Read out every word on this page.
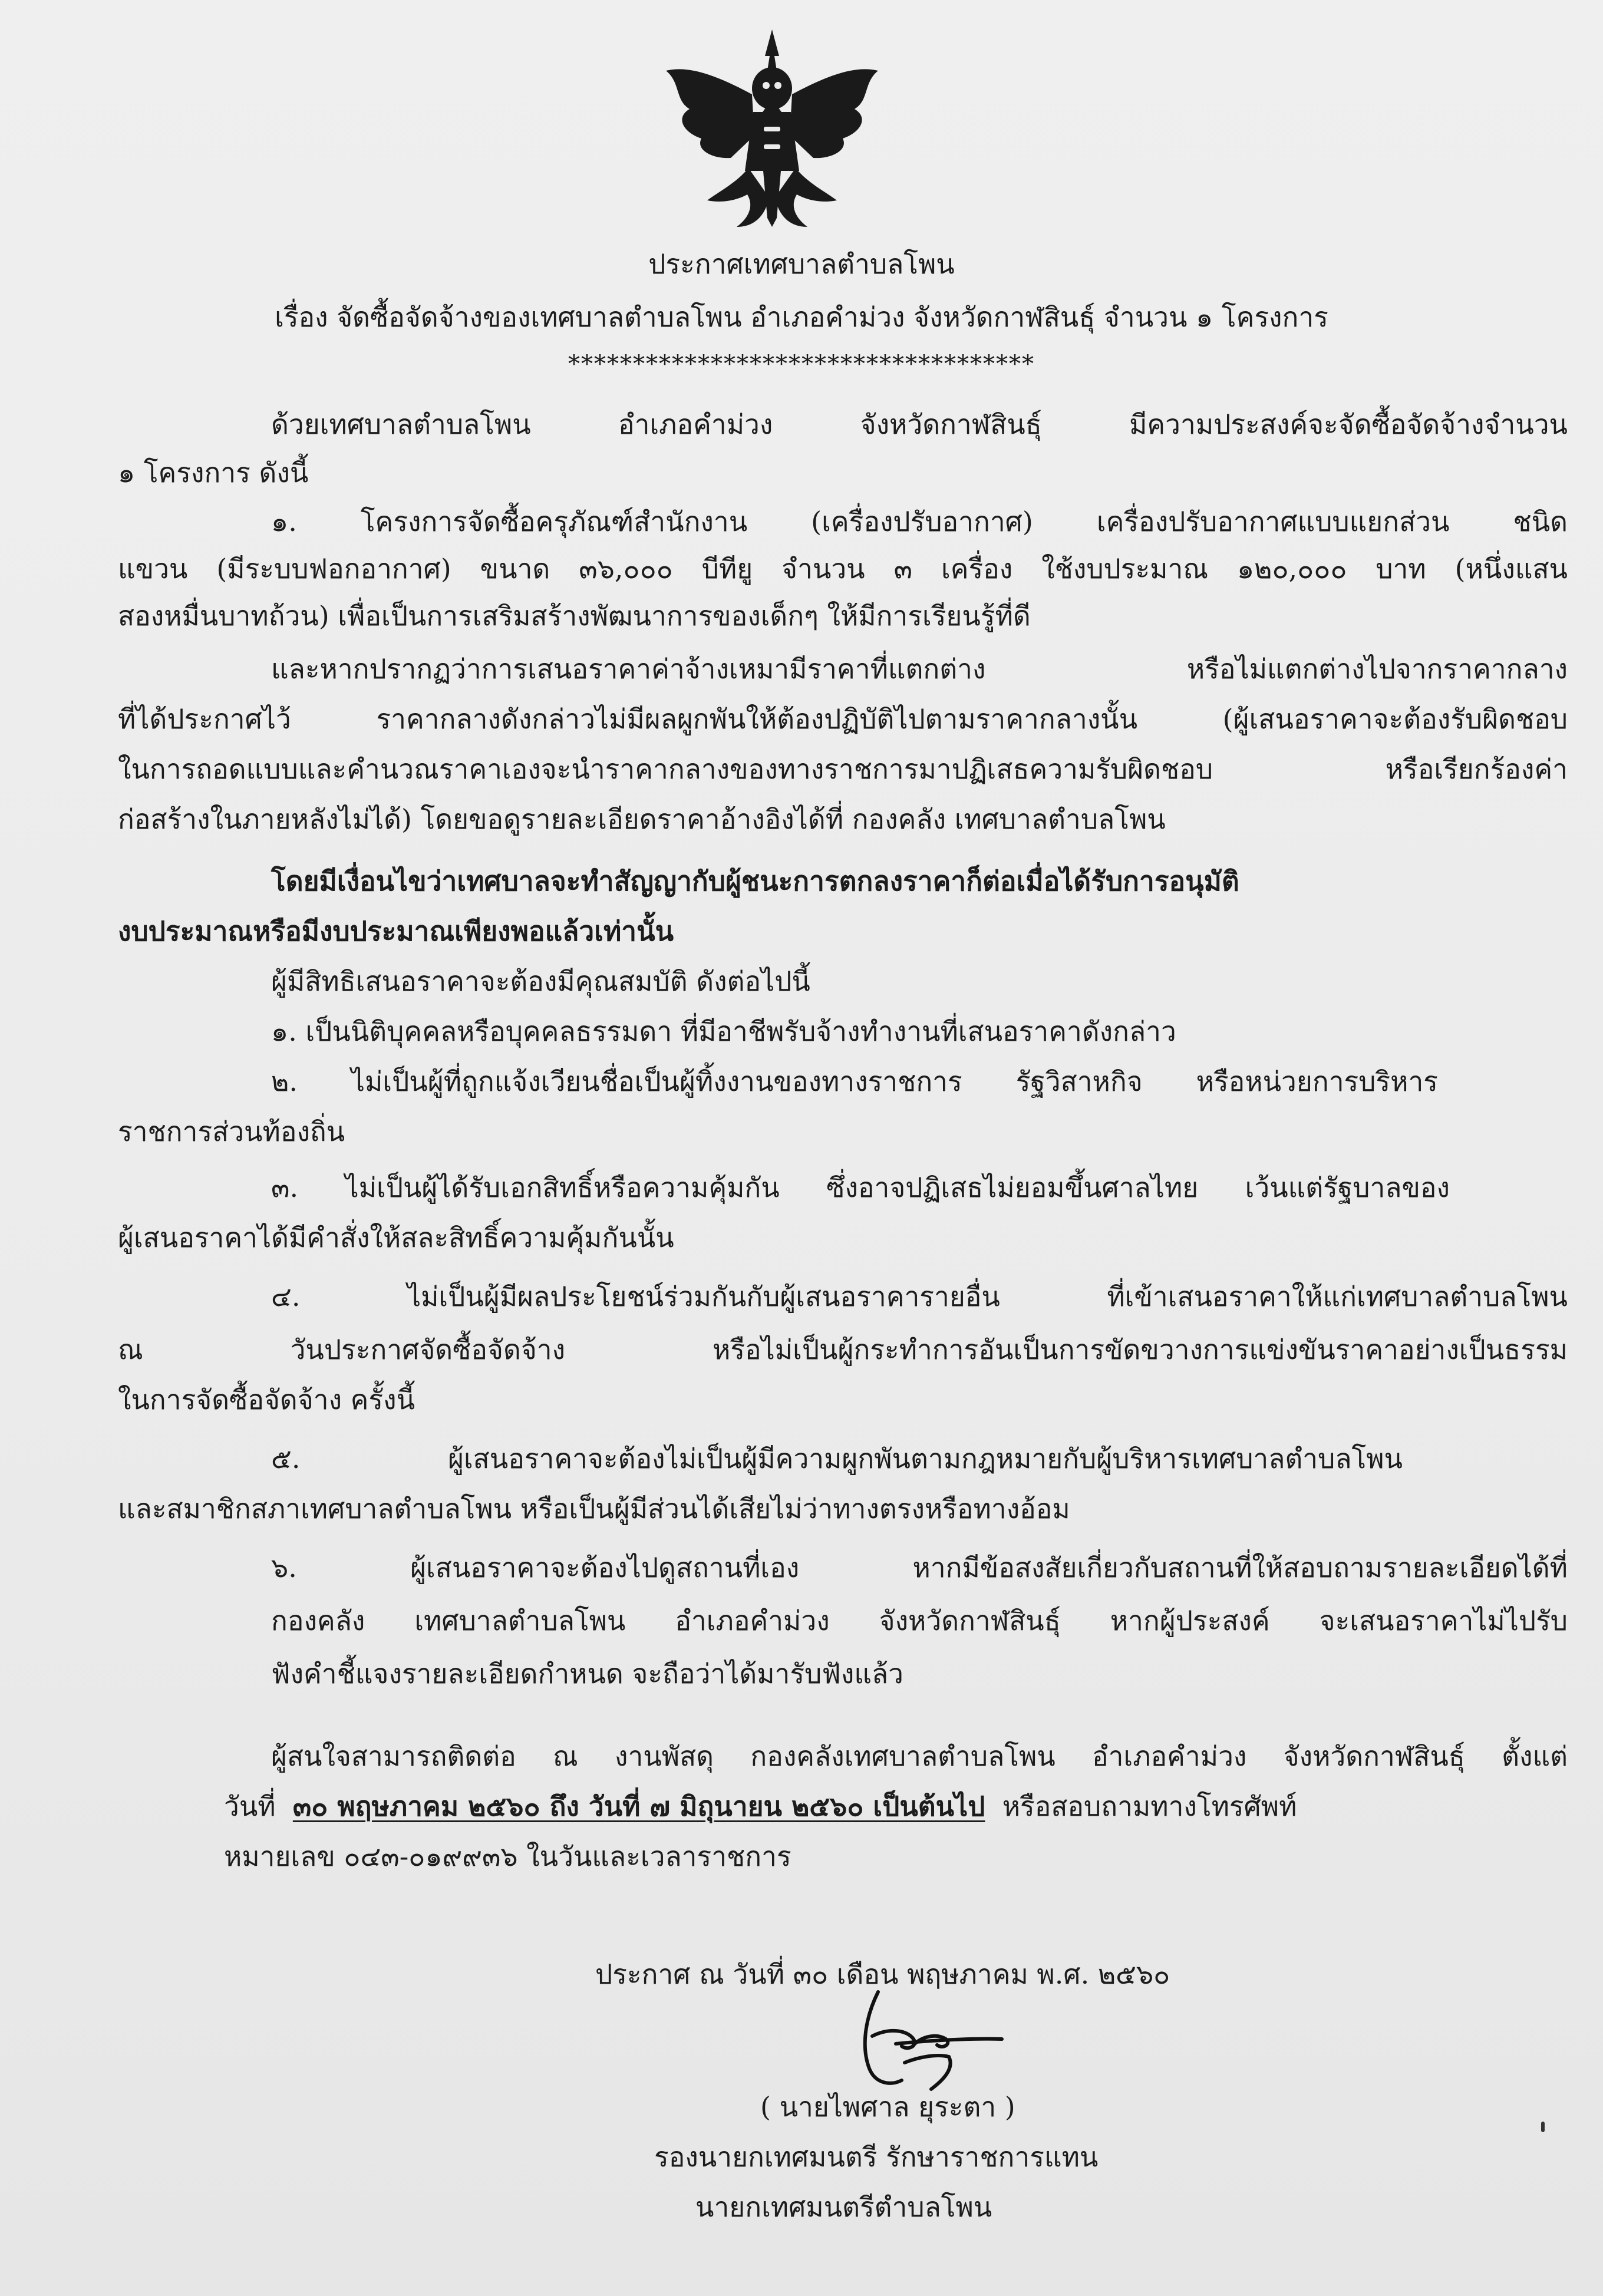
ประกาศเทศบาลตำบลโพน
เรื่อง จัดซื้อจัดจ้างของเทศบาลตำบลโพน อำเภอคำม่วง จังหวัดกาฬสินธุ์ จำนวน ๑ โครงการ
************************************
ด้วยเทศบาลตำบลโพน อำเภอคำม่วง จังหวัดกาฬสินธุ์ มีความประสงค์จะจัดซื้อจัดจ้างจำนวน
๑ โครงการ ดังนี้
๑. โครงการจัดซื้อครุภัณฑ์สำนักงาน (เครื่องปรับอากาศ) เครื่องปรับอากาศแบบแยกส่วน ชนิด
แขวน (มีระบบฟอกอากาศ) ขนาด ๓๖,๐๐๐ บีทียู จำนวน ๓ เครื่อง ใช้งบประมาณ ๑๒๐,๐๐๐ บาท (หนึ่งแสน
สองหมื่นบาทถ้วน) เพื่อเป็นการเสริมสร้างพัฒนาการของเด็กๆ ให้มีการเรียนรู้ที่ดี
และหากปรากฏว่าการเสนอราคาค่าจ้างเหมามีราคาที่แตกต่าง หรือไม่แตกต่างไปจากราคากลาง
ที่ได้ประกาศไว้ ราคากลางดังกล่าวไม่มีผลผูกพันให้ต้องปฏิบัติไปตามราคากลางนั้น (ผู้เสนอราคาจะต้องรับผิดชอบ
ในการถอดแบบและคำนวณราคาเองจะนำราคากลางของทางราชการมาปฏิเสธความรับผิดชอบ หรือเรียกร้องค่า
ก่อสร้างในภายหลังไม่ได้) โดยขอดูรายละเอียดราคาอ้างอิงได้ที่ กองคลัง เทศบาลตำบลโพน
โดยมีเงื่อนไขว่าเทศบาลจะทำสัญญากับผู้ชนะการตกลงราคาก็ต่อเมื่อได้รับการอนุมัติ
งบประมาณหรือมีงบประมาณเพียงพอแล้วเท่านั้น
ผู้มีสิทธิเสนอราคาจะต้องมีคุณสมบัติ ดังต่อไปนี้
๑. เป็นนิติบุคคลหรือบุคคลธรรมดา ที่มีอาชีพรับจ้างทำงานที่เสนอราคาดังกล่าว
๒. ไม่เป็นผู้ที่ถูกแจ้งเวียนชื่อเป็นผู้ทิ้งงานของทางราชการ รัฐวิสาหกิจ หรือหน่วยการบริหาร
ราชการส่วนท้องถิ่น
๓. ไม่เป็นผู้ได้รับเอกสิทธิ์หรือความคุ้มกัน ซึ่งอาจปฏิเสธไม่ยอมขึ้นศาลไทย เว้นแต่รัฐบาลของ
ผู้เสนอราคาได้มีคำสั่งให้สละสิทธิ์ความคุ้มกันนั้น
๔. ไม่เป็นผู้มีผลประโยชน์ร่วมกันกับผู้เสนอราคารายอื่น ที่เข้าเสนอราคาให้แก่เทศบาลตำบลโพน
ณ วันประกาศจัดซื้อจัดจ้าง หรือไม่เป็นผู้กระทำการอันเป็นการขัดขวางการแข่งขันราคาอย่างเป็นธรรม
ในการจัดซื้อจัดจ้าง ครั้งนี้
๕. ผู้เสนอราคาจะต้องไม่เป็นผู้มีความผูกพันตามกฎหมายกับผู้บริหารเทศบาลตำบลโพน
และสมาชิกสภาเทศบาลตำบลโพน หรือเป็นผู้มีส่วนได้เสียไม่ว่าทางตรงหรือทางอ้อม
๖. ผู้เสนอราคาจะต้องไปดูสถานที่เอง หากมีข้อสงสัยเกี่ยวกับสถานที่ให้สอบถามรายละเอียดได้ที่
กองคลัง เทศบาลตำบลโพน อำเภอคำม่วง จังหวัดกาฬสินธุ์ หากผู้ประสงค์ จะเสนอราคาไม่ไปรับ
ฟังคำชี้แจงรายละเอียดกำหนด จะถือว่าได้มารับฟังแล้ว
ผู้สนใจสามารถติดต่อ ณ งานพัสดุ กองคลังเทศบาลตำบลโพน อำเภอคำม่วง จังหวัดกาฬสินธุ์ ตั้งแต่
วันที่ ๓๐ พฤษภาคม ๒๕๖๐ ถึง วันที่ ๗ มิถุนายน ๒๕๖๐ เป็นต้นไป หรือสอบถามทางโทรศัพท์
หมายเลข ๐๔๓-๐๑๙๙๓๖ ในวันและเวลาราชการ
ประกาศ ณ วันที่ ๓๐ เดือน พฤษภาคม พ.ศ. ๒๕๖๐
( นายไพศาล ยุระตา )
รองนายกเทศมนตรี รักษาราชการแทน
นายกเทศมนตรีตำบลโพน
